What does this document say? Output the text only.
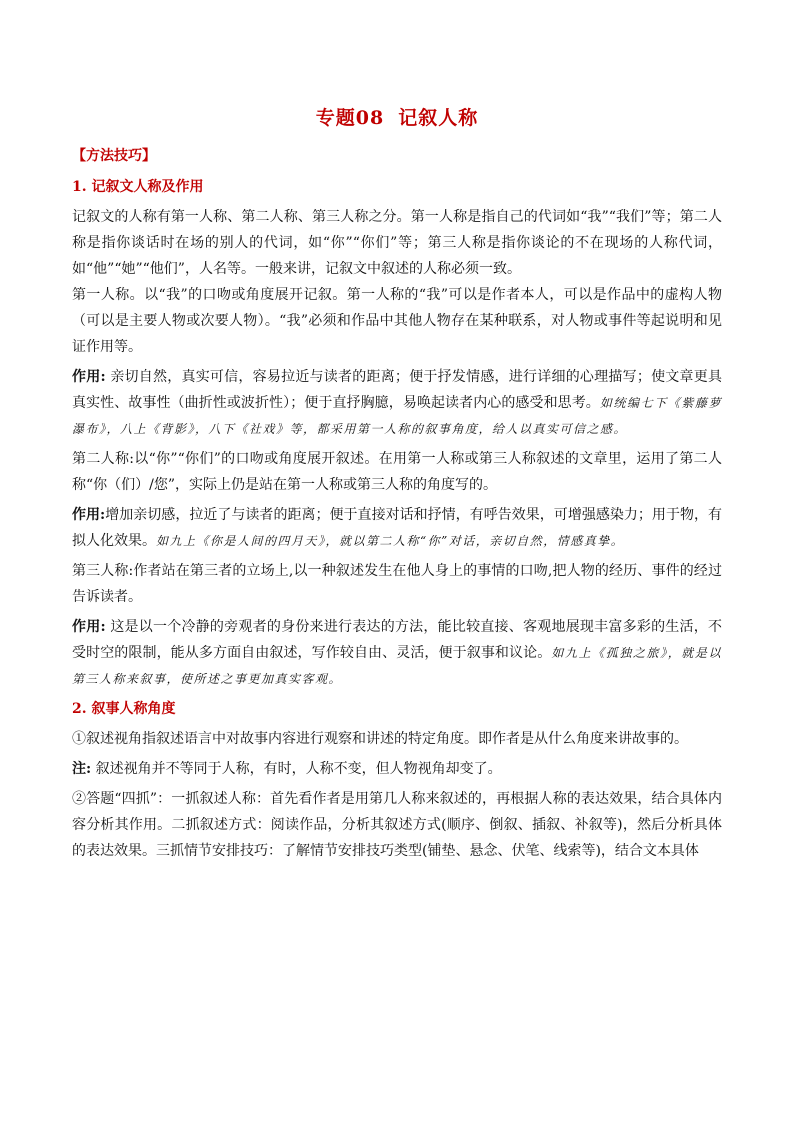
专题08 记叙人称
【方法技巧】

1. 记叙文人称及作用

记叙文的人称有第一人称、第二人称、第三人称之分。第一人称是指自己的代词如“我”“我们”等；第二人称是指你谈话时在场的别人的代词，如“你”“你们”等；第三人称是指你谈论的不在现场的人称代词，如“他”“她”“他们”，人名等。一般来讲，记叙文中叙述的人称必须一致。

第一人称。以“我”的口吻或角度展开记叙。第一人称的“我”可以是作者本人，可以是作品中的虚构人物（可以是主要人物或次要人物）。“我”必须和作品中其他人物存在某种联系，对人物或事件等起说明和见证作用等。

作用: 亲切自然，真实可信，容易拉近与读者的距离；便于抒发情感，进行详细的心理描写；使文章更具真实性、故事性（曲折性或波折性）；便于直抒胸臆，易唤起读者内心的感受和思考。如统编七下《紫藤萝瀑布》，八上《背影》，八下《社戏》等，都采用第一人称的叙事角度，给人以真实可信之感。

第二人称:以“你”“你们”的口吻或角度展开叙述。在用第一人称或第三人称叙述的文章里，运用了第二人称“你（们）/您”，实际上仍是站在第一人称或第三人称的角度写的。

作用:增加亲切感，拉近了与读者的距离；便于直接对话和抒情，有呼告效果，可增强感染力；用于物，有拟人化效果。如九上《你是人间的四月天》，就以第二人称“你”对话，亲切自然，情感真挚。

第三人称:作者站在第三者的立场上,以一种叙述发生在他人身上的事情的口吻,把人物的经历、事件的经过告诉读者。

作用: 这是以一个冷静的旁观者的身份来进行表达的方法，能比较直接、客观地展现丰富多彩的生活，不受时空的限制，能从多方面自由叙述，写作较自由、灵活，便于叙事和议论。如九上《孤独之旅》，就是以第三人称来叙事，使所述之事更加真实客观。

2. 叙事人称角度

①叙述视角指叙述语言中对故事内容进行观察和讲述的特定角度。即作者是从什么角度来讲故事的。

注: 叙述视角并不等同于人称，有时，人称不变，但人物视角却变了。

②答题“四抓”：一抓叙述人称：首先看作者是用第几人称来叙述的，再根据人称的表达效果，结合具体内容分析其作用。二抓叙述方式：阅读作品，分析其叙述方式(顺序、倒叙、插叙、补叙等)，然后分析具体的表达效果。三抓情节安排技巧：了解情节安排技巧类型(铺垫、悬念、伏笔、线索等)，结合文本具体
